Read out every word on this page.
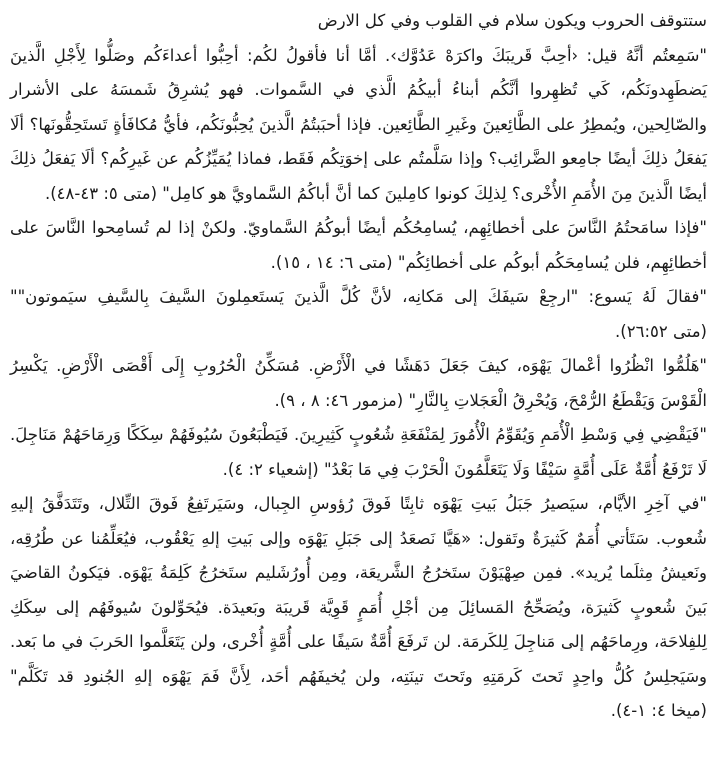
ستتوقف الحروب ويكون سلام في القلوب وفي كل الارض

"سَمِعتُم أنَّهُ قيل: ‹أحِبَّ قَريبَكَ واكرَهْ عَدُوَّك›. أمَّا أنا فأقولُ لكُم: أحِبُّوا أعداءَكُم وصَلُّوا لِأَجْلِ الَّذينَ يَضطَهِدونَكُم، كَي تُظهِروا أنَّكُم أبناءُ أبيكُمُ الَّذي في السَّموات. فهو يُشرِقُ شَمسَهُ على الأشرار والصّالِحين، ويُمطِرُ على الطَّائِعينَ وغَيرِ الطَّائِعين. فإذا أحبَبتُمُ الَّذينَ يُحِبُّونَكُم، فأيُّ مُكافَأةٍ تَستَحِقُّونَها؟ ألَا يَفعَلُ ذلِكَ أيضًا جامِعو الضَّرائِب؟ وإذا سَلَّمتُم على إخوَتِكُم فَقَط، فماذا يُمَيِّزُكُم عن غَيرِكُم؟ ألَا يَفعَلُ ذلِكَ أيضًا الَّذينَ مِنَ الأُمَمِ الأُخْرى؟ لِذلِكَ كونوا كامِلينَ كما أنَّ أباكُمُ السَّماويَّ هو كامِل" (متى ٥: ٤٣-٤٨).

"فإذا سامَحتُمُ النَّاسَ على أخطائِهِم، يُسامِحُكُم أيضًا أبوكُمُ السَّماويّ. ولكنْ إذا لم تُسامِحوا النَّاسَ على أخطائِهِم، فلن يُسامِحَكُم أبوكُم على أخطائِكُم" (متى ٦: ١٤ ، ١٥).

"فقالَ لَهُ يَسوع: "ارجِعْ سَيفَكَ إلى مَكانِه، لأنَّ كُلَّ الَّذينَ يَستَعمِلونَ السَّيفَ بِالسَّيفِ سيَموتون"" (متى ٢٦:٥٢).

"هَلُمُّوا انْظُرُوا أعْمالَ يَهْوَه، كيفَ جَعَلَ دَهَشًا في الْأَرْضِ. مُسَكِّنُ الْحُرُوبِ إِلَى أَقْصَى الْأَرْضِ. يَكْسِرُ الْقَوْسَ وَيَقْطَعُ الرُّمْحَ، وَيُحْرِقُ الْعَجَلاتِ بِالنَّارِ" (مزمور ٤٦: ٨ ، ٩).

"فَيَقْضِي فِي وَسْطِ الْأُمَمِ وَيُقَوِّمُ الْأُمُورَ لِمَنْفَعَةِ شُعُوبٍ كَثِيرِينَ. فَيَطْبَعُونَ سُيُوفَهُمْ سِكَكًا وَرِمَاحَهُمْ مَنَاجِلَ. لَا تَرْفَعُ أُمَّةٌ عَلَى أُمَّةٍ سَيْفًا وَلَا يَتَعَلَّمُونَ الْحَرْبَ فِي مَا بَعْدُ" (إشعياء ٢: ٤).

"في آخِرِ الأيَّام، سيَصيرُ جَبَلُ بَيتِ يَهْوَه ثابِتًا فَوقَ رُؤوسِ الجِبال، وسَيَرتَفِعُ فَوقَ التِّلال، وتَتَدَفَّقُ إليهِ شُعوب. سَتَأتي أُمَمٌ كَثيرَةٌ وتَقول: «هَيَّا نَصعَدُ إلى جَبَلِ يَهْوَه وإلى بَيتِ إلهِ يَعْقُوب، فيُعَلِّمُنا عن طُرُقِه، ونَعيشُ مِثلَما يُريد». فمِن صِهْيَوْنَ ستَخرُجُ الشَّريعَة، ومِن أُورُشَليم ستَخرُجُ كَلِمَةُ يَهْوَه. فيَكونُ القاضيَ بَينَ شُعوبٍ كَثيرَة، ويُصَحِّحُ المَسائِلَ مِن أجْلِ أُمَمٍ قَوِيَّة قَريبَة وبَعيدَة. فيُحَوِّلونَ سُيوفَهُم إلى سِكَكِ لِلفِلاحَة، ورِماحَهُم إلى مَناجِلَ لِلكَرمَة. لن تَرفَعَ أُمَّةٌ سَيفًا على أُمَّةٍ أُخْرى، ولن يَتَعَلَّموا الحَربَ في ما بَعد. وسَيَجلِسُ كُلُّ واحِدٍ تَحتَ كَرمَتِهِ وتَحتَ تينَتِه، ولن يُخيفَهُم أحَد، لِأَنَّ فَمَ يَهْوَه إلهِ الجُنودِ قد تَكَلَّم" (ميخا ٤: ١-٤).
